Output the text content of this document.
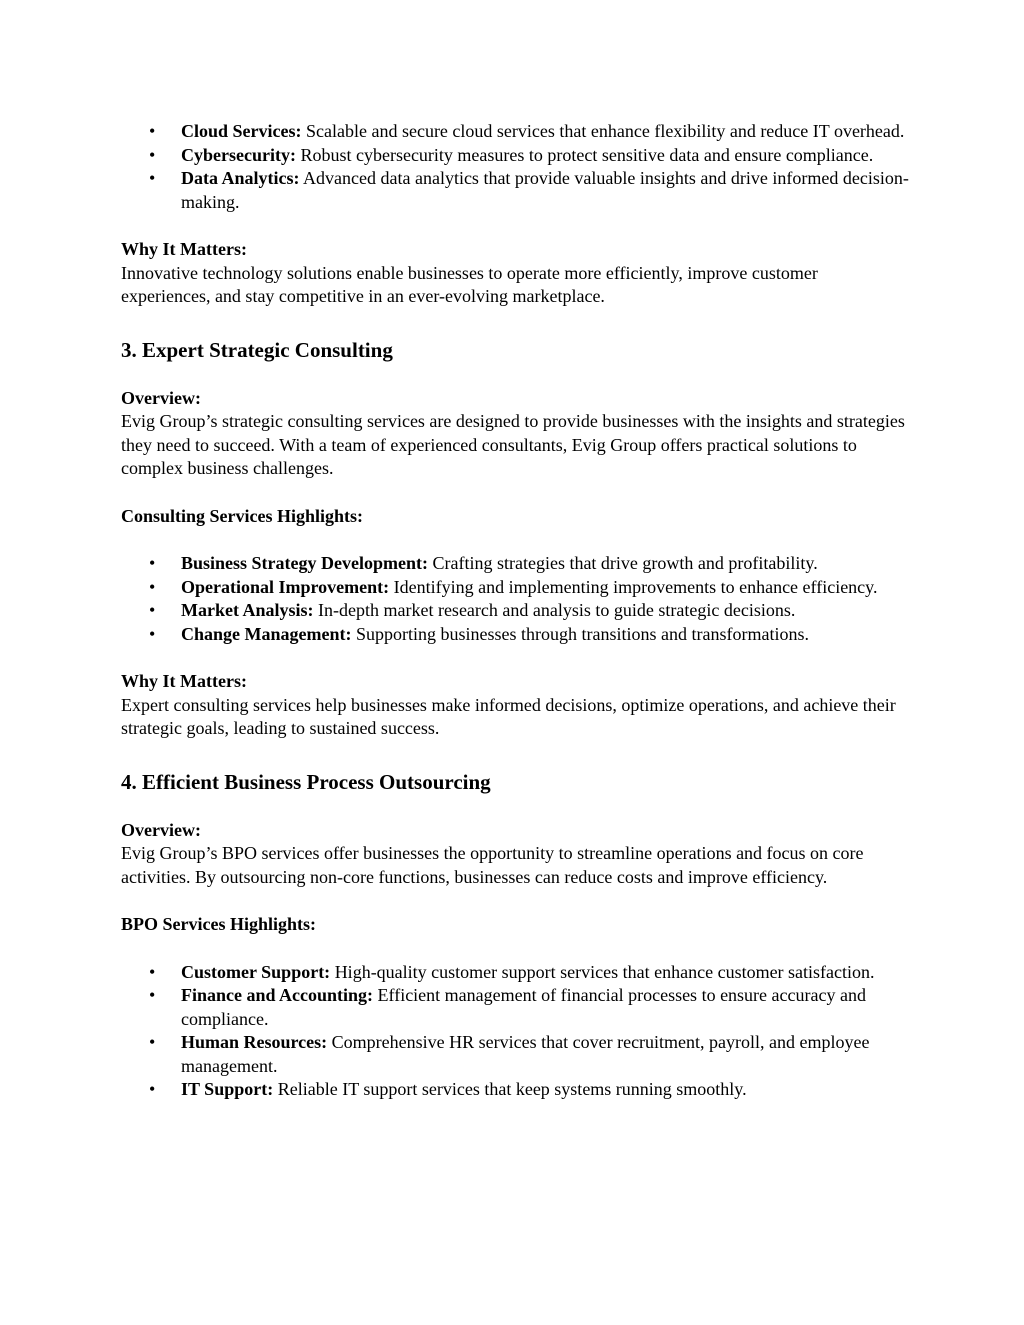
• Cloud Services: Scalable and secure cloud services that enhance flexibility and reduce IT overhead.
• Cybersecurity: Robust cybersecurity measures to protect sensitive data and ensure compliance.
• Data Analytics: Advanced data analytics that provide valuable insights and drive informed decision-making.

Why It Matters:

Innovative technology solutions enable businesses to operate more efficiently, improve customer experiences, and stay competitive in an ever-evolving marketplace.

3. Expert Strategic Consulting

Overview:

Evig Group’s strategic consulting services are designed to provide businesses with the insights and strategies they need to succeed. With a team of experienced consultants, Evig Group offers practical solutions to complex business challenges.

Consulting Services Highlights:

• Business Strategy Development: Crafting strategies that drive growth and profitability.
• Operational Improvement: Identifying and implementing improvements to enhance efficiency.
• Market Analysis: In-depth market research and analysis to guide strategic decisions.
• Change Management: Supporting businesses through transitions and transformations.

Why It Matters:

Expert consulting services help businesses make informed decisions, optimize operations, and achieve their strategic goals, leading to sustained success.

4. Efficient Business Process Outsourcing

Overview:

Evig Group’s BPO services offer businesses the opportunity to streamline operations and focus on core activities. By outsourcing non-core functions, businesses can reduce costs and improve efficiency.

BPO Services Highlights:

• Customer Support: High-quality customer support services that enhance customer satisfaction.
• Finance and Accounting: Efficient management of financial processes to ensure accuracy and compliance.
• Human Resources: Comprehensive HR services that cover recruitment, payroll, and employee management.
• IT Support: Reliable IT support services that keep systems running smoothly.
